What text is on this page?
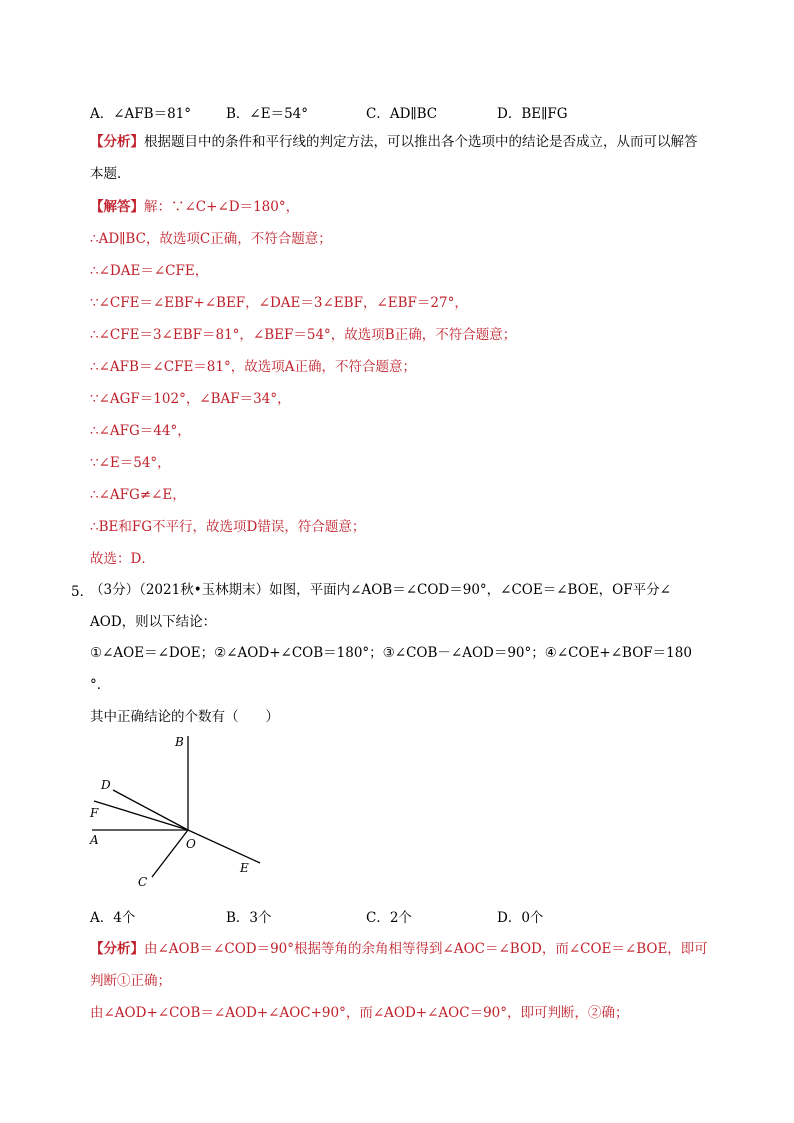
A．∠AFB＝81°	B．∠E＝54°	C．AD∥BC	D．BE∥FG
【分析】根据题目中的条件和平行线的判定方法，可以推出各个选项中的结论是否成立，从而可以解答
本题．
【解答】解：∵∠C+∠D＝180°，
∴AD∥BC，故选项C正确，不符合题意；
∴∠DAE＝∠CFE，
∵∠CFE＝∠EBF+∠BEF，∠DAE＝3∠EBF，∠EBF＝27°，
∴∠CFE＝3∠EBF＝81°，∠BEF＝54°，故选项B正确，不符合题意；
∴∠AFB＝∠CFE＝81°，故选项A正确，不符合题意；
∵∠AGF＝102°，∠BAF＝34°，
∴∠AFG＝44°，
∵∠E＝54°，
∴∠AFG≠∠E，
∴BE和FG不平行，故选项D错误，符合题意；
故选：D．
5．
（3分）（2021秋•玉林期末）如图，平面内∠AOB＝∠COD＝90°，∠COE＝∠BOE，OF平分∠
AOD，则以下结论：
①∠AOE＝∠DOE；②∠AOD+∠COB＝180°；③∠COB－∠AOD＝90°；④∠COE+∠BOF＝180
°．
其中正确结论的个数有（　　）
B
D
F
A	O
E
C
A．4个	B．3个	C．2个	D．0个
【分析】由∠AOB＝∠COD＝90°根据等角的余角相等得到∠AOC＝∠BOD，而∠COE＝∠BOE，即可
判断①正确；
由∠AOD+∠COB＝∠AOD+∠AOC+90°，而∠AOD+∠AOC＝90°，即可判断，②确；
